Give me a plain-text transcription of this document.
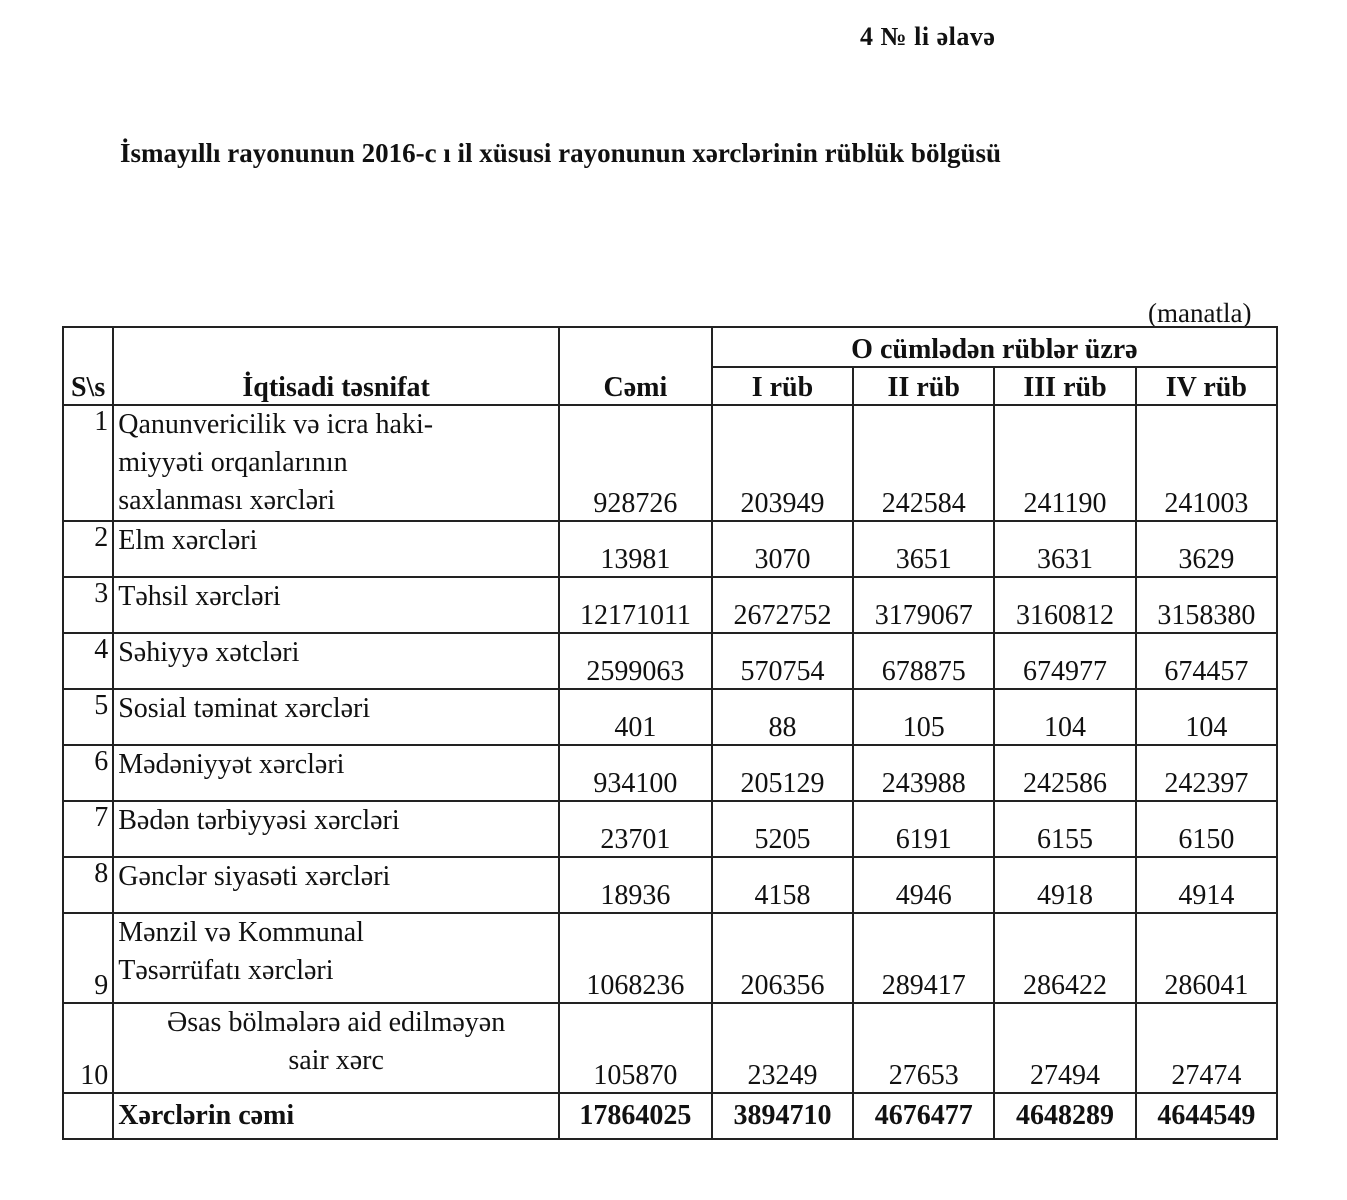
4 № li əlavə
İsmayıllı rayonunun 2016-c ı il xüsusi rayonunun xərclərinin rüblük bölgüsü
(manatla)
S\s	İqtisadi təsnifat	Cəmi	O cümlədən rüblər üzrə			
			I rüb	II rüb	III rüb	IV rüb
1	Qanunvericilik və icra haki-
miyyəti orqanlarının
saxlanması xərcləri	928726	203949	242584	241190	241003
2	Elm xərcləri	13981	3070	3651	3631	3629
3	Təhsil xərcləri	12171011	2672752	3179067	3160812	3158380
4	Səhiyyə xətcləri	2599063	570754	678875	674977	674457
5	Sosial təminat xərcləri	401	88	105	104	104
6	Mədəniyyət xərcləri	934100	205129	243988	242586	242397
7	Bədən tərbiyyəsi xərcləri	23701	5205	6191	6155	6150
8	Gənclər siyasəti xərcləri	18936	4158	4946	4918	4914
9	Mənzil və Kommunal
Təsərrüfatı xərcləri	1068236	206356	289417	286422	286041
10	Əsas bölmələrə aid edilməyən
sair xərc	105870	23249	27653	27494	27474
	Xərclərin cəmi	17864025	3894710	4676477	4648289	4644549
